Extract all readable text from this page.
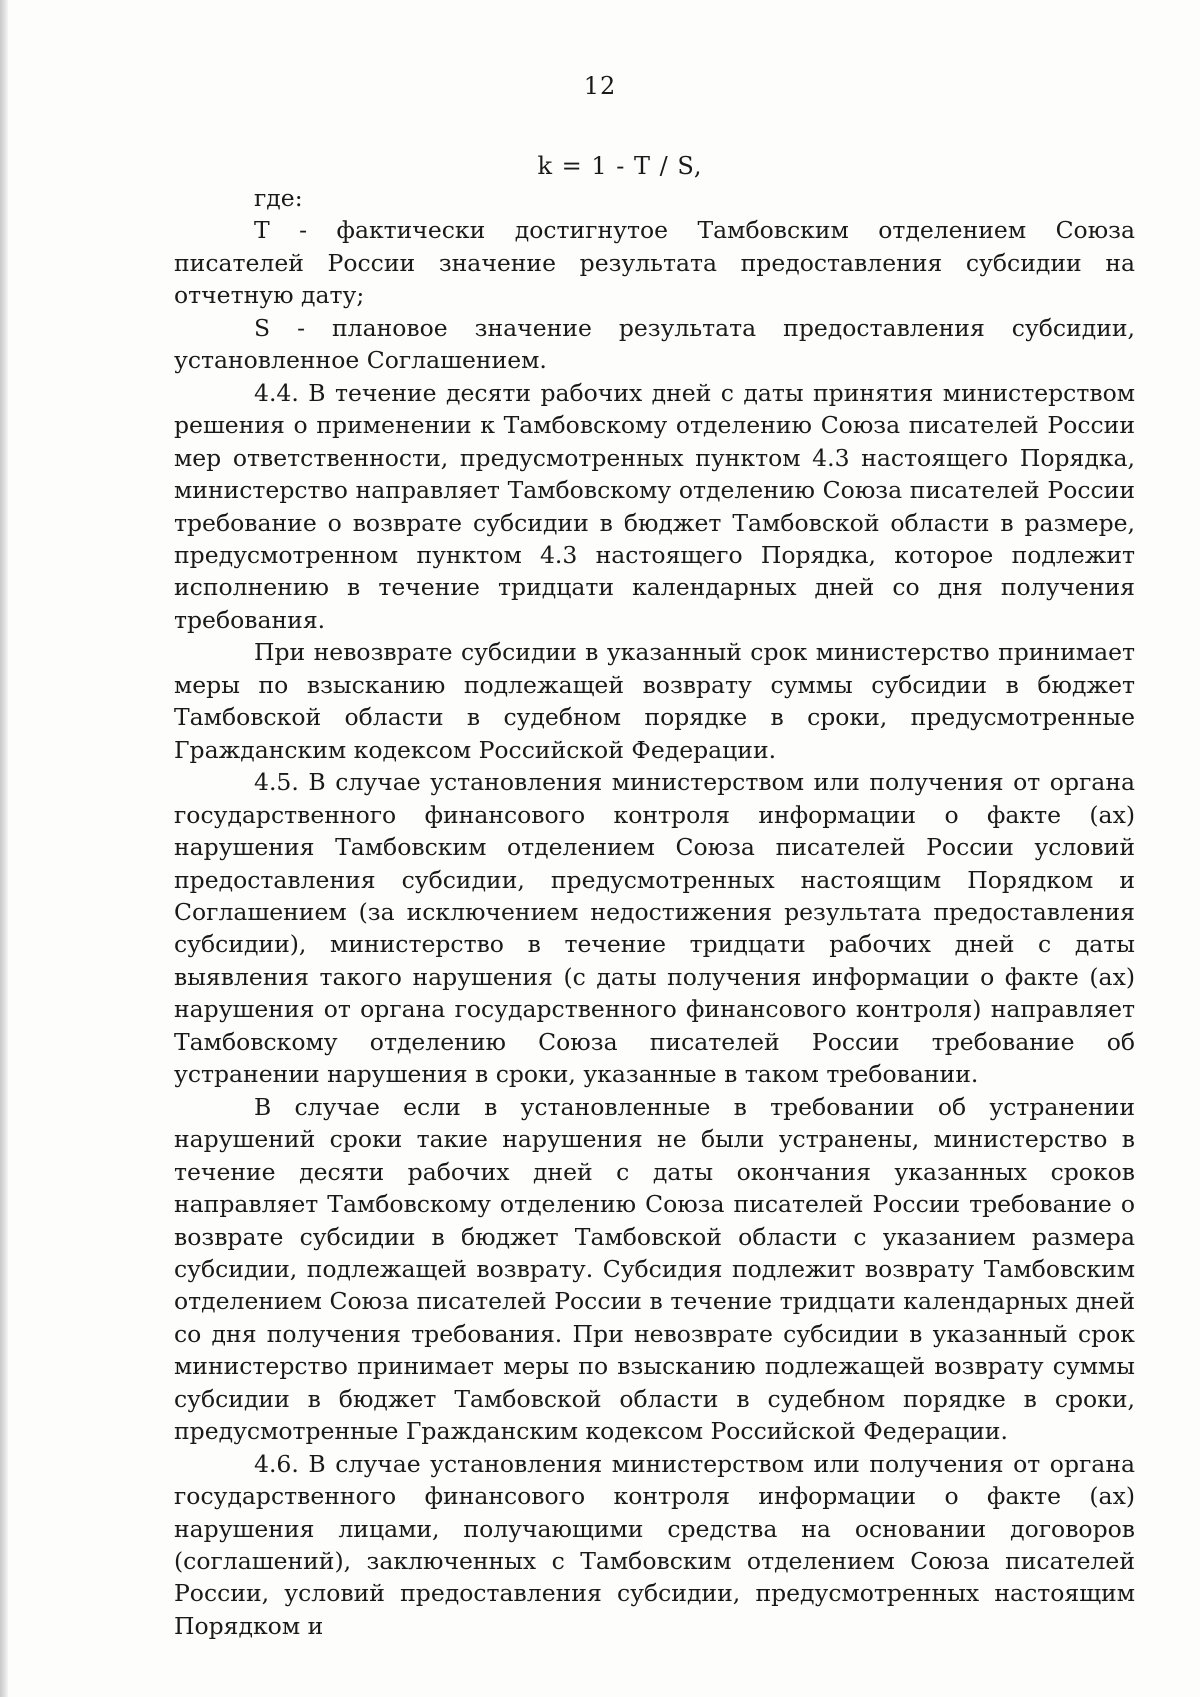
12
k = 1 - T / S,

где:

T - фактически достигнутое Тамбовским отделением Союза писателей России значение результата предоставления субсидии на отчетную дату;

S - плановое значение результата предоставления субсидии, установленное Соглашением.

4.4. В течение десяти рабочих дней с даты принятия министерством решения о применении к Тамбовскому отделению Союза писателей России мер ответственности, предусмотренных пунктом 4.3 настоящего Порядка, министерство направляет Тамбовскому отделению Союза писателей России требование о возврате субсидии в бюджет Тамбовской области в размере, предусмотренном пунктом 4.3 настоящего Порядка, которое подлежит исполнению в течение тридцати календарных дней со дня получения требования.

При невозврате субсидии в указанный срок министерство принимает меры по взысканию подлежащей возврату суммы субсидии в бюджет Тамбовской области в судебном порядке в сроки, предусмотренные Гражданским кодексом Российской Федерации.

4.5. В случае установления министерством или получения от органа государственного финансового контроля информации о факте (ах) нарушения Тамбовским отделением Союза писателей России условий предоставления субсидии, предусмотренных настоящим Порядком и Соглашением (за исключением недостижения результата предоставления субсидии), министерство в течение тридцати рабочих дней с даты выявления такого нарушения (с даты получения информации о факте (ах) нарушения от органа государственного финансового контроля) направляет Тамбовскому отделению Союза писателей России требование об устранении нарушения в сроки, указанные в таком требовании.

В случае если в установленные в требовании об устранении нарушений сроки такие нарушения не были устранены, министерство в течение десяти рабочих дней с даты окончания указанных сроков направляет Тамбовскому отделению Союза писателей России требование о возврате субсидии в бюджет Тамбовской области с указанием размера субсидии, подлежащей возврату. Субсидия подлежит возврату Тамбовским отделением Союза писателей России в течение тридцати календарных дней со дня получения требования. При невозврате субсидии в указанный срок министерство принимает меры по взысканию подлежащей возврату суммы субсидии в бюджет Тамбовской области в судебном порядке в сроки, предусмотренные Гражданским кодексом Российской Федерации.

4.6. В случае установления министерством или получения от органа государственного финансового контроля информации о факте (ах) нарушения лицами, получающими средства на основании договоров (соглашений), заключенных с Тамбовским отделением Союза писателей России, условий предоставления субсидии, предусмотренных настоящим Порядком и
